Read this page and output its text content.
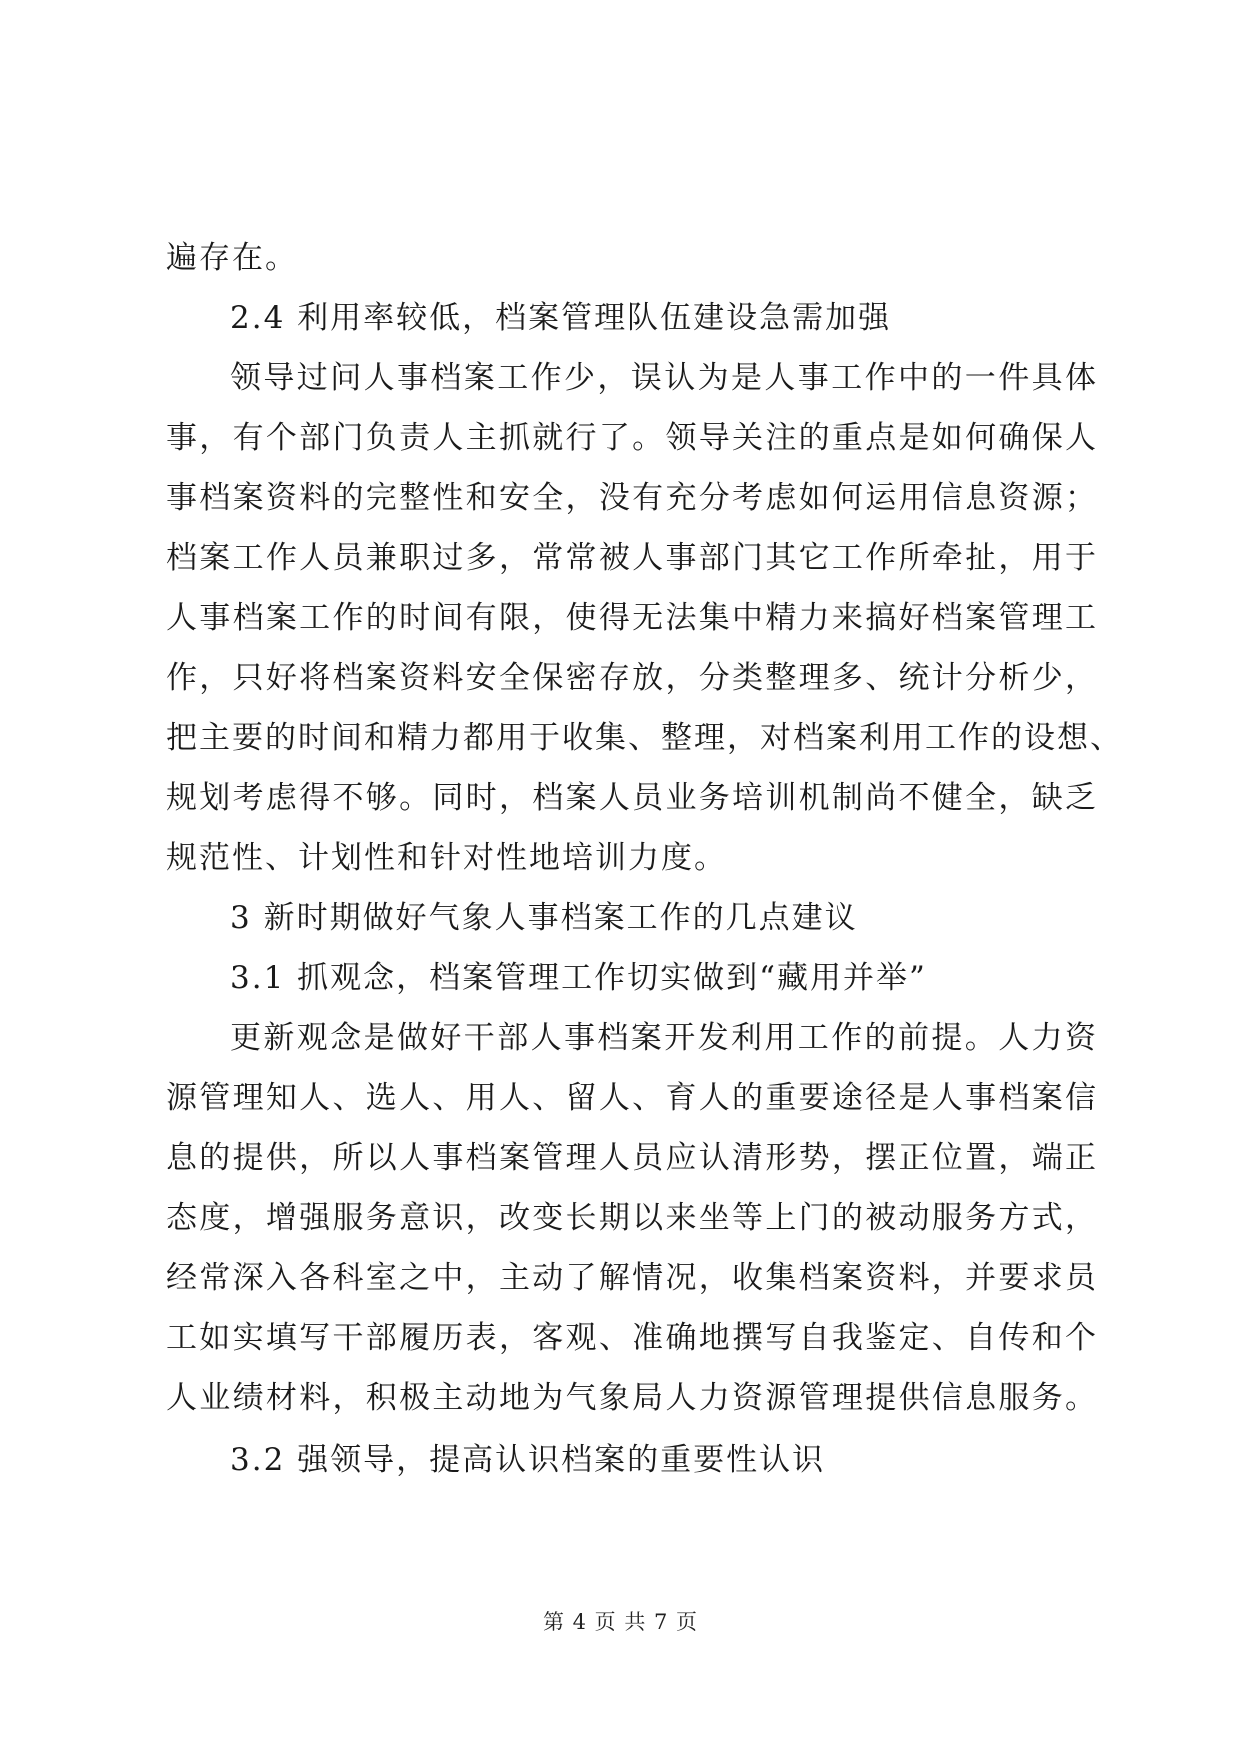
遍存在。
2.4 利用率较低，档案管理队伍建设急需加强
领导过问人事档案工作少，误认为是人事工作中的一件具体
事，有个部门负责人主抓就行了。领导关注的重点是如何确保人
事档案资料的完整性和安全，没有充分考虑如何运用信息资源；
档案工作人员兼职过多，常常被人事部门其它工作所牵扯，用于
人事档案工作的时间有限，使得无法集中精力来搞好档案管理工
作，只好将档案资料安全保密存放，分类整理多、统计分析少，
把主要的时间和精力都用于收集、整理，对档案利用工作的设想、
规划考虑得不够。同时，档案人员业务培训机制尚不健全，缺乏
规范性、计划性和针对性地培训力度。
3 新时期做好气象人事档案工作的几点建议
3.1 抓观念，档案管理工作切实做到“藏用并举”
更新观念是做好干部人事档案开发利用工作的前提。人力资
源管理知人、选人、用人、留人、育人的重要途径是人事档案信
息的提供，所以人事档案管理人员应认清形势，摆正位置，端正
态度，增强服务意识，改变长期以来坐等上门的被动服务方式，
经常深入各科室之中，主动了解情况，收集档案资料，并要求员
工如实填写干部履历表，客观、准确地撰写自我鉴定、自传和个
人业绩材料，积极主动地为气象局人力资源管理提供信息服务。
3.2 强领导，提高认识档案的重要性认识
第 4 页 共 7 页
